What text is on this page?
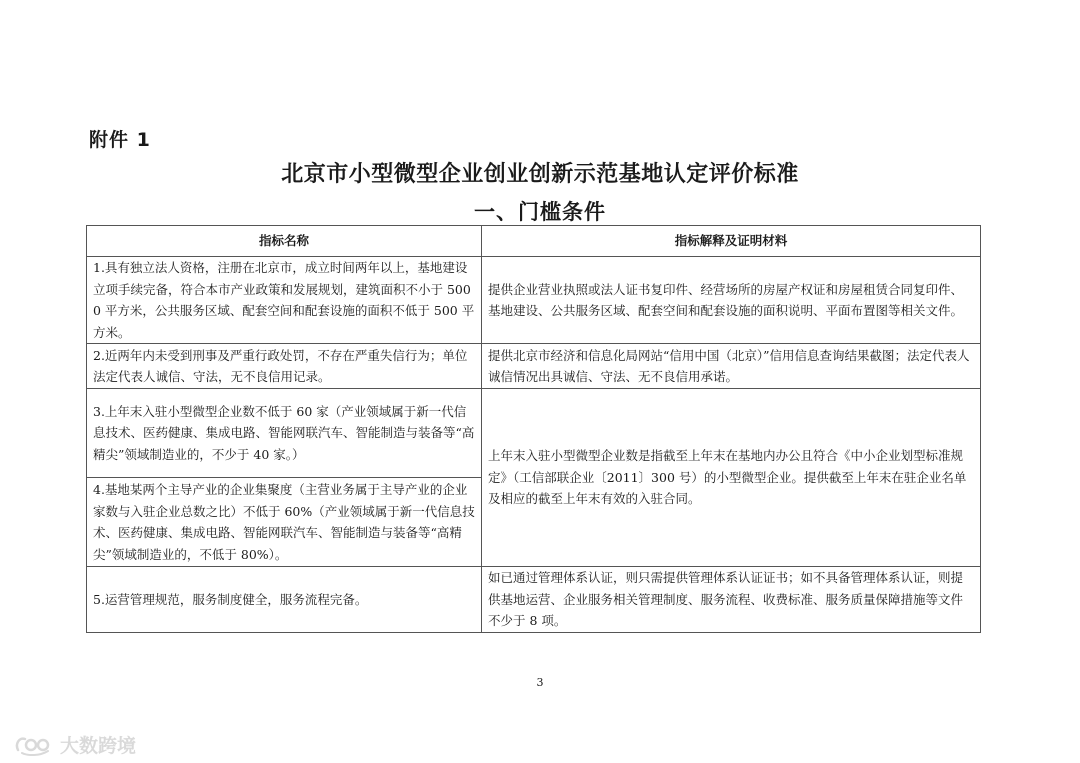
附件 1
北京市小型微型企业创业创新示范基地认定评价标准
一、门槛条件
指标名称	指标解释及证明材料
1.具有独立法人资格，注册在北京市，成立时间两年以上，基地建设立项手续完备，符合本市产业政策和发展规划，建筑面积不小于 5000 平方米，公共服务区域、配套空间和配套设施的面积不低于 500 平方米。	提供企业营业执照或法人证书复印件、经营场所的房屋产权证和房屋租赁合同复印件、基地建设、公共服务区域、配套空间和配套设施的面积说明、平面布置图等相关文件。
2.近两年内未受到刑事及严重行政处罚，不存在严重失信行为；单位法定代表人诚信、守法，无不良信用记录。	提供北京市经济和信息化局网站“信用中国（北京）”信用信息查询结果截图；法定代表人诚信情况出具诚信、守法、无不良信用承诺。
3.上年末入驻小型微型企业数不低于 60 家（产业领域属于新一代信息技术、医药健康、集成电路、智能网联汽车、智能制造与装备等“高精尖”领域制造业的，不少于 40 家。）	上年末入驻小型微型企业数是指截至上年末在基地内办公且符合《中小企业划型标准规定》（工信部联企业〔2011〕300 号）的小型微型企业。提供截至上年末在驻企业名单及相应的截至上年末有效的入驻合同。
4.基地某两个主导产业的企业集聚度（主营业务属于主导产业的企业家数与入驻企业总数之比）不低于 60%（产业领域属于新一代信息技术、医药健康、集成电路、智能网联汽车、智能制造与装备等“高精尖”领域制造业的，不低于 80%）。	
5.运营管理规范，服务制度健全，服务流程完备。	如已通过管理体系认证，则只需提供管理体系认证证书；如不具备管理体系认证，则提供基地运营、企业服务相关管理制度、服务流程、收费标准、服务质量保障措施等文件不少于 8 项。
3
大数跨境
